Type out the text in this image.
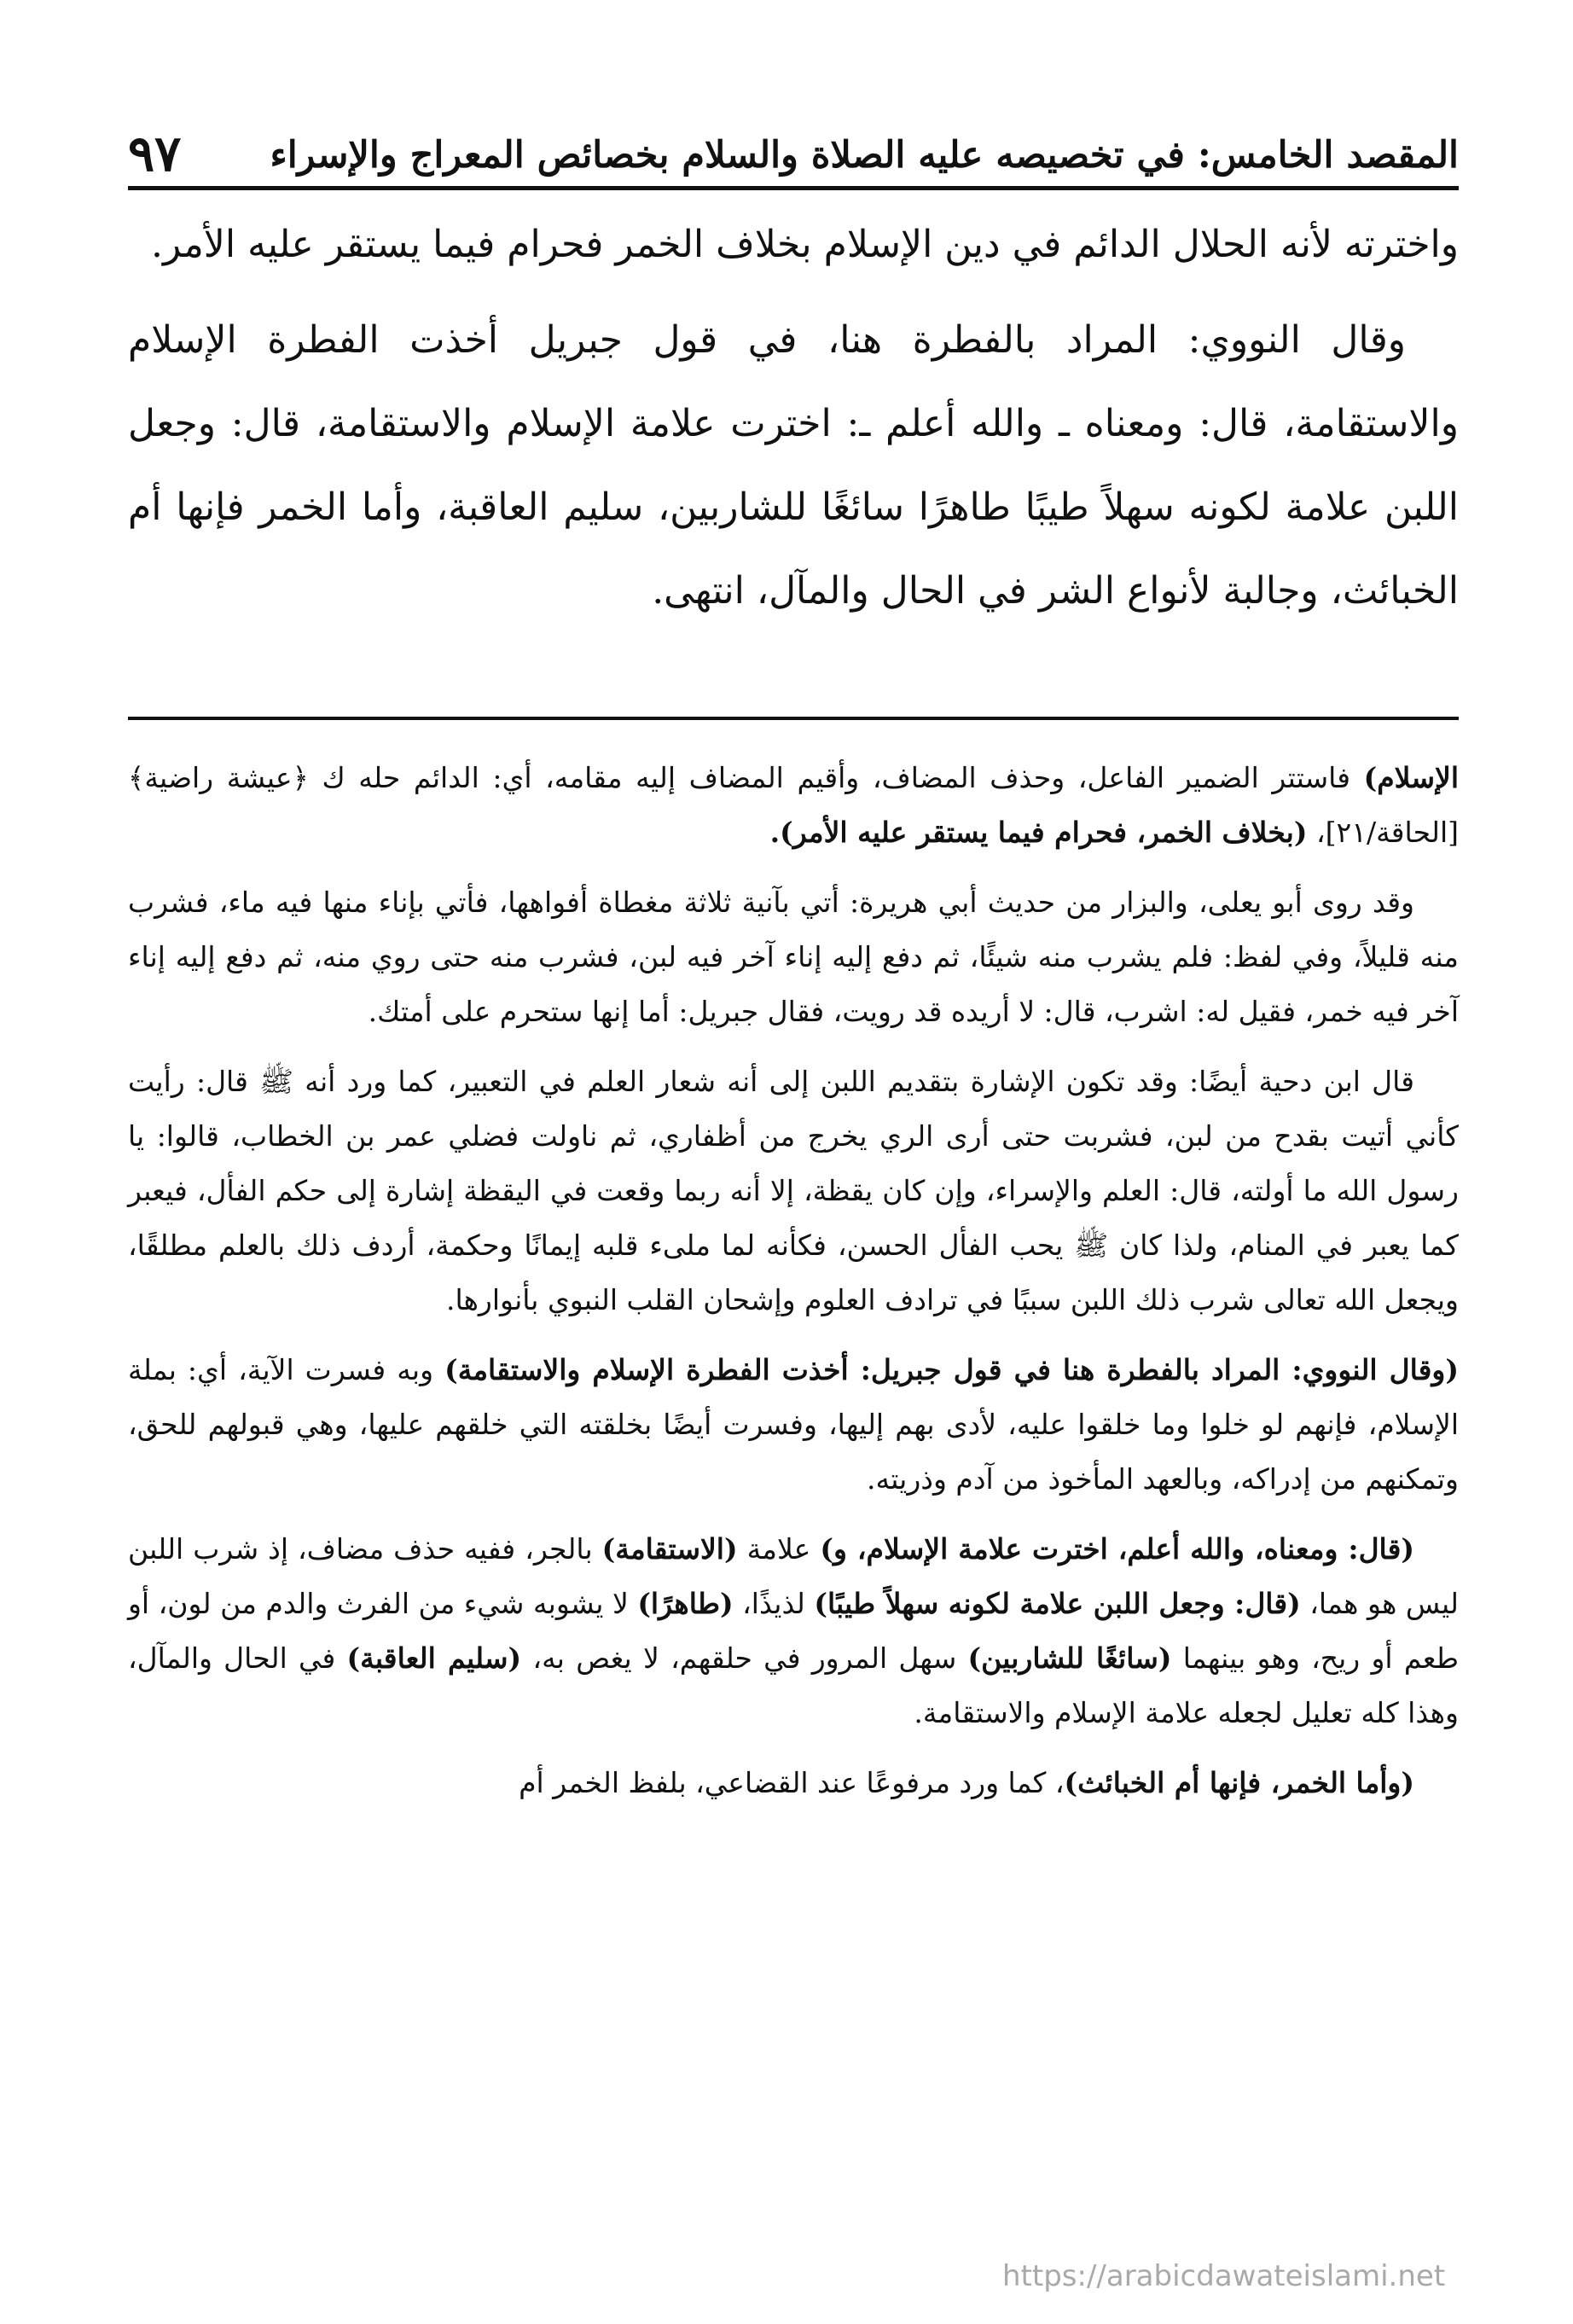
المقصد الخامس: في تخصيصه عليه الصلاة والسلام بخصائص المعراج والإسراء
٩٧

واخترته لأنه الحلال الدائم في دين الإسلام بخلاف الخمر فحرام فيما يستقر عليه الأمر.

وقال النووي: المراد بالفطرة هنا، في قول جبريل أخذت الفطرة الإسلام والاستقامة، قال: ومعناه ـ والله أعلم ـ: اخترت علامة الإسلام والاستقامة، قال: وجعل اللبن علامة لكونه سهلاً طيبًا طاهرًا سائغًا للشاربين، سليم العاقبة، وأما الخمر فإنها أم الخبائث، وجالبة لأنواع الشر في الحال والمآل، انتهى.

الإسلام) فاستتر الضمير الفاعل، وحذف المضاف، وأقيم المضاف إليه مقامه، أي: الدائم حله ك ﴿عيشة راضية﴾ [الحاقة/٢١]، (بخلاف الخمر، فحرام فيما يستقر عليه الأمر).

وقد روى أبو يعلى، والبزار من حديث أبي هريرة: أتي بآنية ثلاثة مغطاة أفواهها، فأتي بإناء منها فيه ماء، فشرب منه قليلاً، وفي لفظ: فلم يشرب منه شيئًا، ثم دفع إليه إناء آخر فيه لبن، فشرب منه حتى روي منه، ثم دفع إليه إناء آخر فيه خمر، فقيل له: اشرب، قال: لا أريده قد رويت، فقال جبريل: أما إنها ستحرم على أمتك.

قال ابن دحية أيضًا: وقد تكون الإشارة بتقديم اللبن إلى أنه شعار العلم في التعبير، كما ورد أنه ﷺ قال: رأيت كأني أتيت بقدح من لبن، فشربت حتى أرى الري يخرج من أظفاري، ثم ناولت فضلي عمر بن الخطاب، قالوا: يا رسول الله ما أولته، قال: العلم والإسراء، وإن كان يقظة، إلا أنه ربما وقعت في اليقظة إشارة إلى حكم الفأل، فيعبر كما يعبر في المنام، ولذا كان ﷺ يحب الفأل الحسن، فكأنه لما ملىء قلبه إيمانًا وحكمة، أردف ذلك بالعلم مطلقًا، ويجعل الله تعالى شرب ذلك اللبن سببًا في ترادف العلوم وإشحان القلب النبوي بأنوارها.

(وقال النووي: المراد بالفطرة هنا في قول جبريل: أخذت الفطرة الإسلام والاستقامة) وبه فسرت الآية، أي: بملة الإسلام، فإنهم لو خلوا وما خلقوا عليه، لأدى بهم إليها، وفسرت أيضًا بخلقته التي خلقهم عليها، وهي قبولهم للحق، وتمكنهم من إدراكه، وبالعهد المأخوذ من آدم وذريته.

(قال: ومعناه، والله أعلم، اخترت علامة الإسلام، و) علامة (الاستقامة) بالجر، ففيه حذف مضاف، إذ شرب اللبن ليس هو هما، (قال: وجعل اللبن علامة لكونه سهلاً طيبًا) لذيذًا، (طاهرًا) لا يشوبه شيء من الفرث والدم من لون، أو طعم أو ريح، وهو بينهما (سائغًا للشاربين) سهل المرور في حلقهم، لا يغص به، (سليم العاقبة) في الحال والمآل، وهذا كله تعليل لجعله علامة الإسلام والاستقامة.

(وأما الخمر، فإنها أم الخبائث)، كما ورد مرفوعًا عند القضاعي، بلفظ الخمر أم

https://arabicdawateislami.net
